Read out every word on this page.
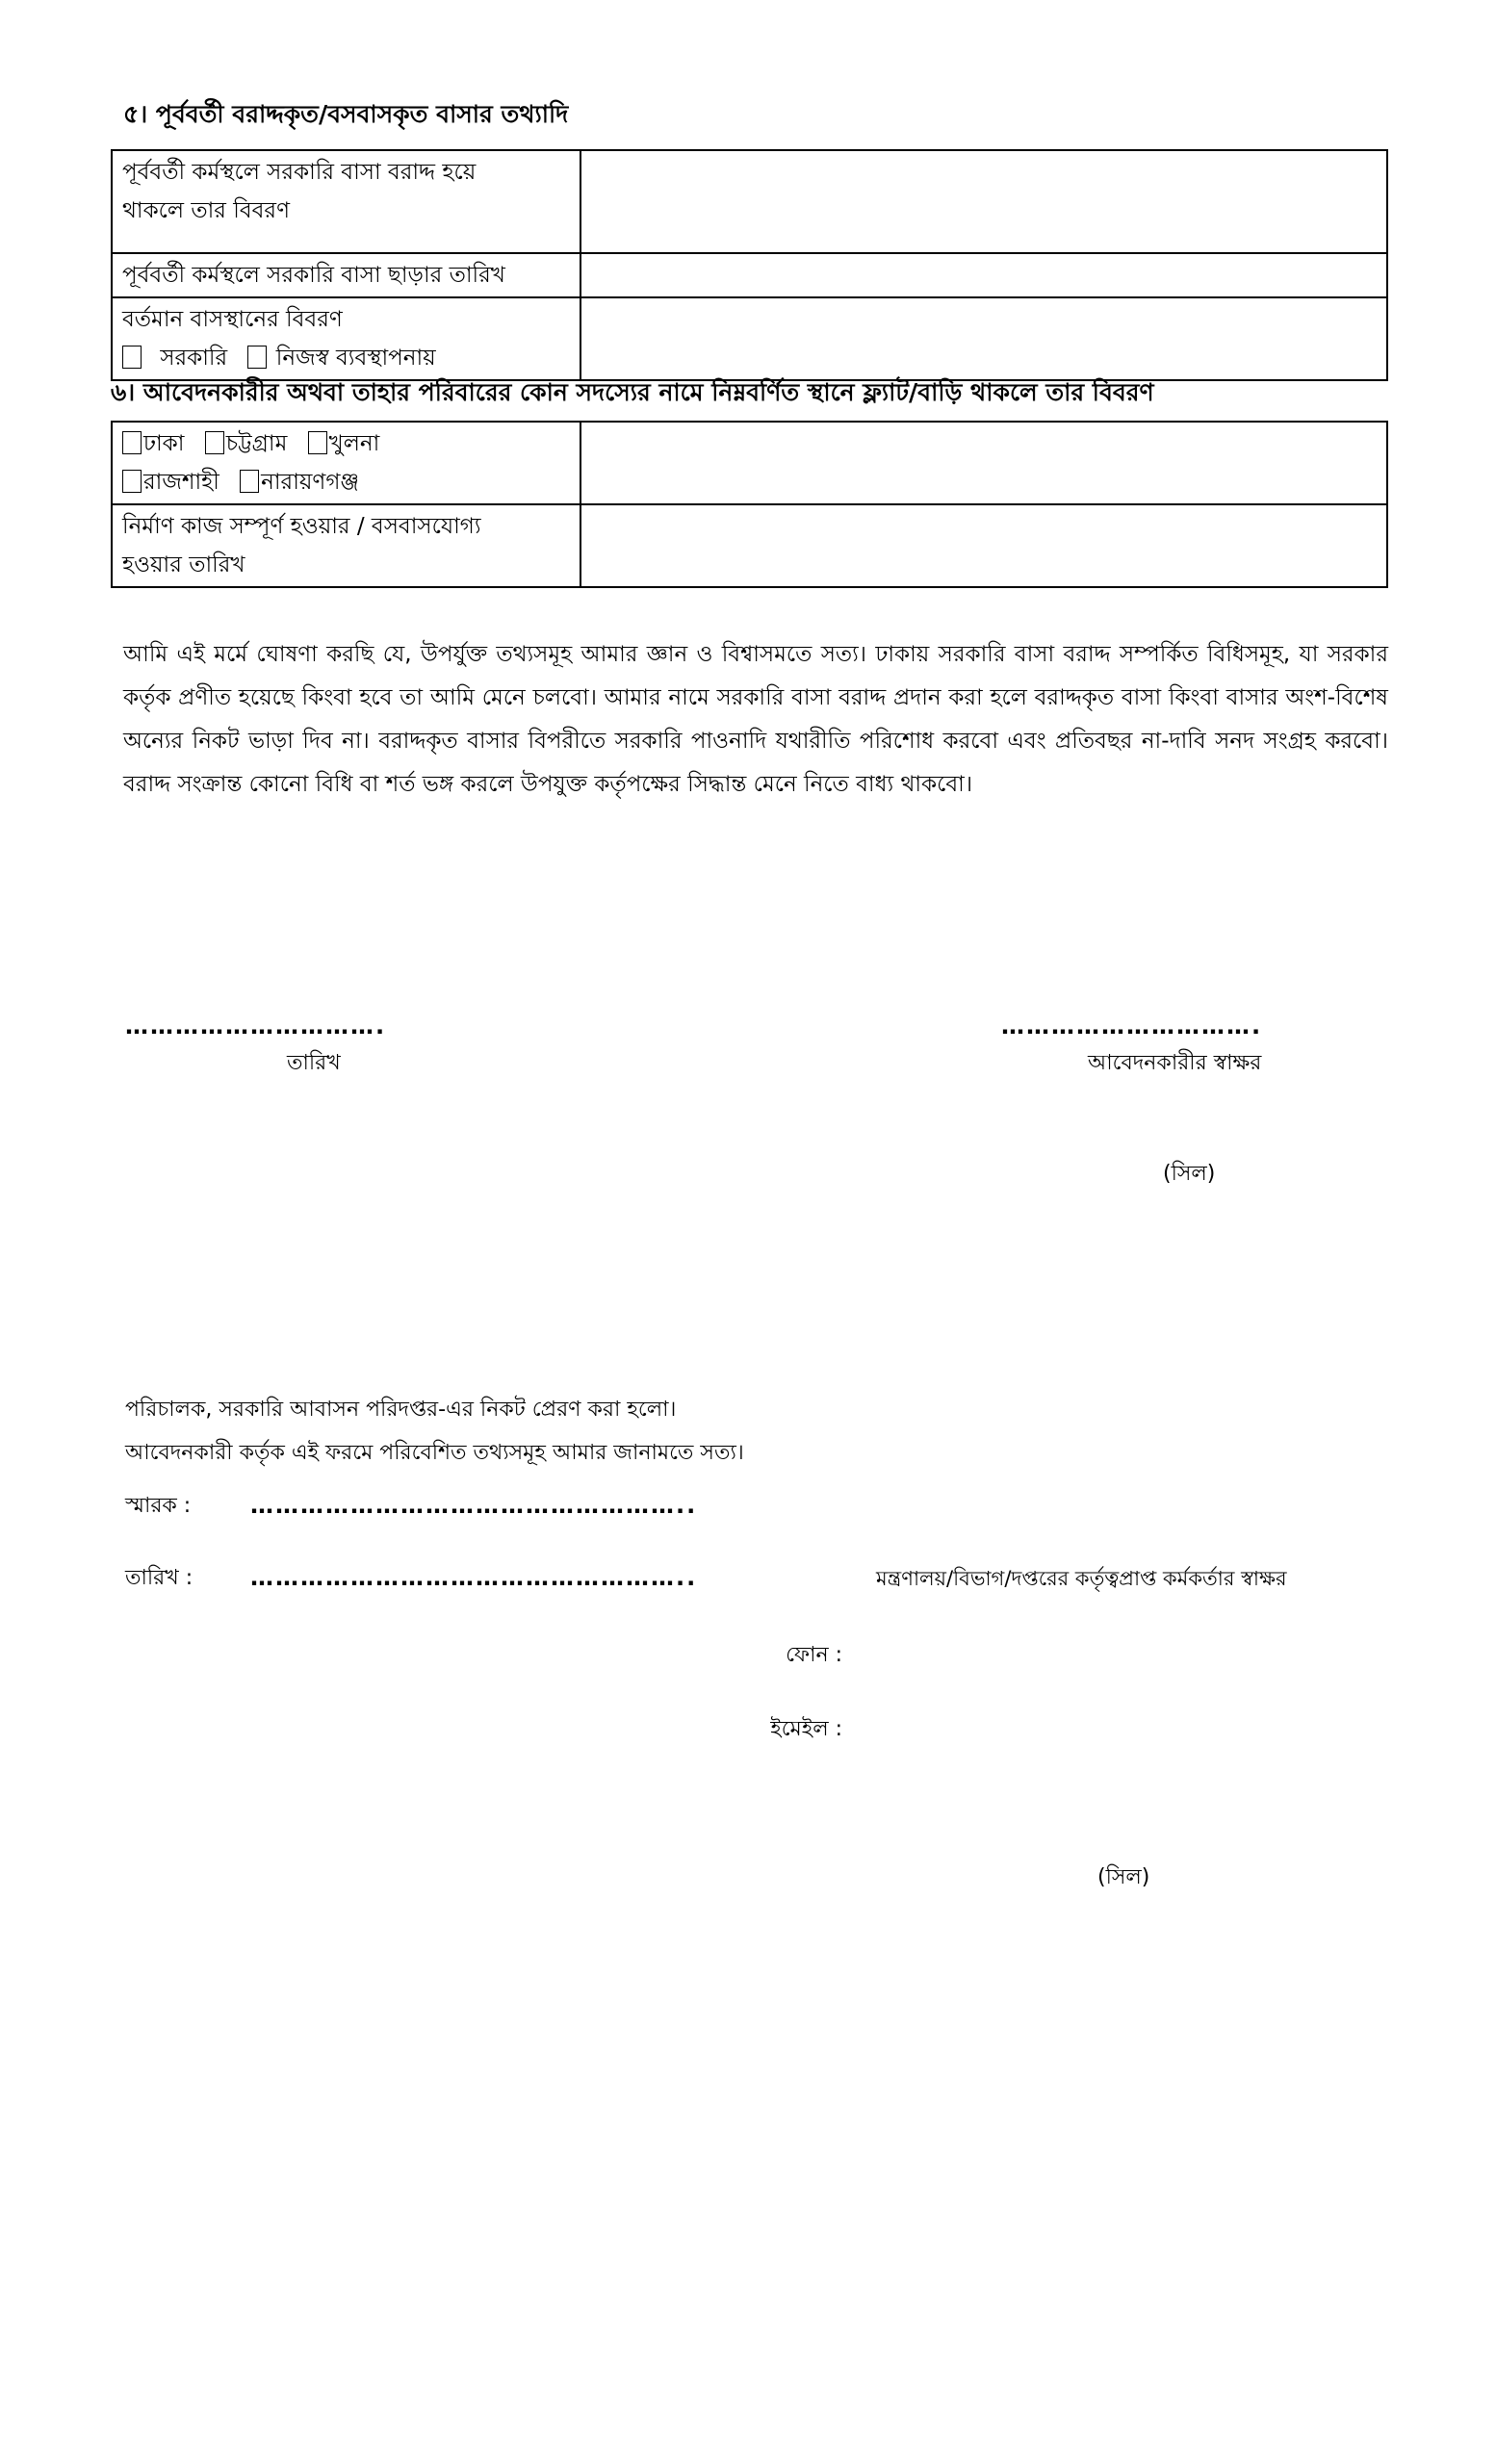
৫। পূর্ববর্তী বরাদ্দকৃত/বসবাসকৃত বাসার তথ্যাদি
পূর্ববর্তী কর্মস্থলে সরকারি বাসা বরাদ্দ হয়ে
থাকলে তার বিবরণ	

পূর্ববর্তী কর্মস্থলে সরকারি বাসা ছাড়ার তারিখ	

বর্তমান বাসস্থানের বিবরণ
সরকারি নিজস্ব ব্যবস্থাপনায়	

৬। আবেদনকারীর অথবা তাহার পরিবারের কোন সদস্যের নামে নিম্নবর্ণিত স্থানে ফ্ল্যাট/বাড়ি থাকলে তার বিবরণ
ঢাকা চট্টগ্রাম খুলনা
রাজশাহী নারায়ণগঞ্জ	

নির্মাণ কাজ সম্পূর্ণ হওয়ার / বসবাসযোগ্য
হওয়ার তারিখ	

আমি এই মর্মে ঘোষণা করছি যে, উপর্যুক্ত তথ্যসমূহ আমার জ্ঞান ও বিশ্বাসমতে সত্য। ঢাকায় সরকারি বাসা বরাদ্দ সম্পর্কিত বিধিসমূহ, যা সরকার কর্তৃক প্রণীত হয়েছে কিংবা হবে তা আমি মেনে চলবো। আমার নামে সরকারি বাসা বরাদ্দ প্রদান করা হলে বরাদ্দকৃত বাসা কিংবা বাসার অংশ-বিশেষ অন্যের নিকট ভাড়া দিব না। বরাদ্দকৃত বাসার বিপরীতে সরকারি পাওনাদি যথারীতি পরিশোধ করবো এবং প্রতিবছর না-দাবি সনদ সংগ্রহ করবো। বরাদ্দ সংক্রান্ত কোনো বিধি বা শর্ত ভঙ্গ করলে উপযুক্ত কর্তৃপক্ষের সিদ্ধান্ত মেনে নিতে বাধ্য থাকবো।
………………………….	………………………….
তারিখ	আবেদনকারীর স্বাক্ষর
(সিল)
পরিচালক, সরকারি আবাসন পরিদপ্তর-এর নিকট প্রেরণ করা হলো।
আবেদনকারী কর্তৃক এই ফরমে পরিবেশিত তথ্যসমূহ আমার জানামতে সত্য।
স্মারক :	……………………………………………..
তারিখ : ……………………………………………..	মন্ত্রণালয়/বিভাগ/দপ্তরের কর্তৃত্বপ্রাপ্ত কর্মকর্তার স্বাক্ষর
ফোন :
ইমেইল :
(সিল)
